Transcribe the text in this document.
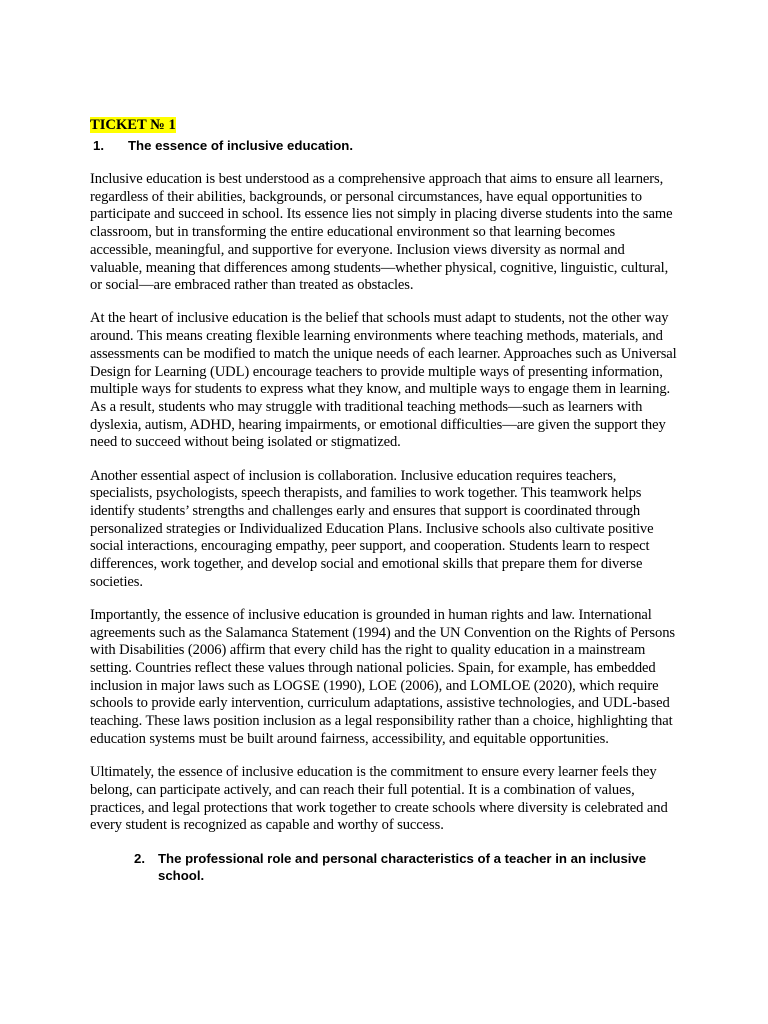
TICKET № 1
1.	The essence of inclusive education.

Inclusive education is best understood as a comprehensive approach that aims to ensure all learners, regardless of their abilities, backgrounds, or personal circumstances, have equal opportunities to participate and succeed in school. Its essence lies not simply in placing diverse students into the same classroom, but in transforming the entire educational environment so that learning becomes accessible, meaningful, and supportive for everyone. Inclusion views diversity as normal and valuable, meaning that differences among students—whether physical, cognitive, linguistic, cultural, or social—are embraced rather than treated as obstacles.

At the heart of inclusive education is the belief that schools must adapt to students, not the other way around. This means creating flexible learning environments where teaching methods, materials, and assessments can be modified to match the unique needs of each learner. Approaches such as Universal Design for Learning (UDL) encourage teachers to provide multiple ways of presenting information, multiple ways for students to express what they know, and multiple ways to engage them in learning. As a result, students who may struggle with traditional teaching methods—such as learners with dyslexia, autism, ADHD, hearing impairments, or emotional difficulties—are given the support they need to succeed without being isolated or stigmatized.

Another essential aspect of inclusion is collaboration. Inclusive education requires teachers, specialists, psychologists, speech therapists, and families to work together. This teamwork helps identify students’ strengths and challenges early and ensures that support is coordinated through personalized strategies or Individualized Education Plans. Inclusive schools also cultivate positive social interactions, encouraging empathy, peer support, and cooperation. Students learn to respect differences, work together, and develop social and emotional skills that prepare them for diverse societies.

Importantly, the essence of inclusive education is grounded in human rights and law. International agreements such as the Salamanca Statement (1994) and the UN Convention on the Rights of Persons with Disabilities (2006) affirm that every child has the right to quality education in a mainstream setting. Countries reflect these values through national policies. Spain, for example, has embedded inclusion in major laws such as LOGSE (1990), LOE (2006), and LOMLOE (2020), which require schools to provide early intervention, curriculum adaptations, assistive technologies, and UDL-based teaching. These laws position inclusion as a legal responsibility rather than a choice, highlighting that education systems must be built around fairness, accessibility, and equitable opportunities.

Ultimately, the essence of inclusive education is the commitment to ensure every learner feels they belong, can participate actively, and can reach their full potential. It is a combination of values, practices, and legal protections that work together to create schools where diversity is celebrated and every student is recognized as capable and worthy of success.

2. The professional role and personal characteristics of a teacher in an inclusive school.
